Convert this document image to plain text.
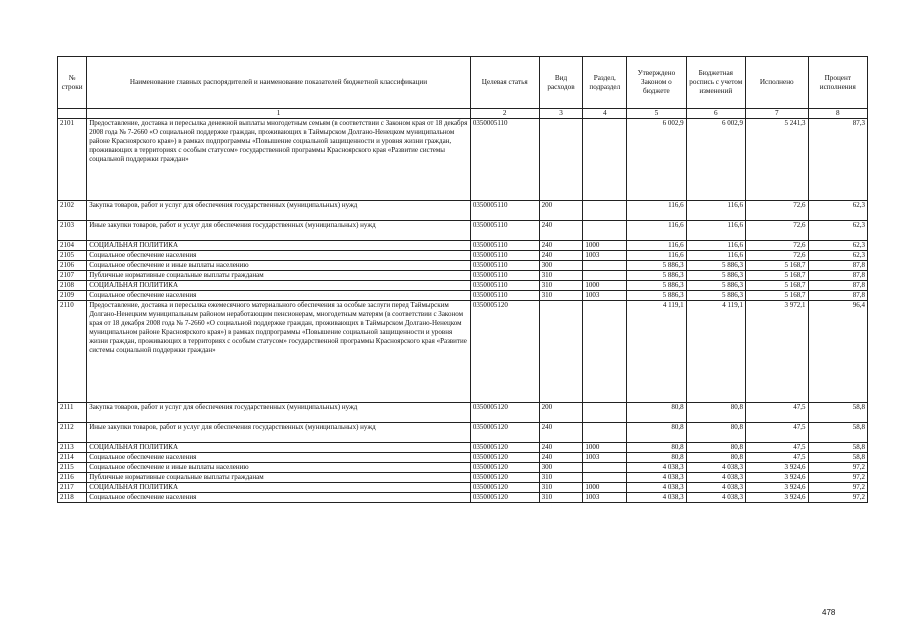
№ строки	Наименование главных распорядителей и наименование показателей бюджетной классификации	Целевая статья	Вид расходов	Раздел, подраздел	Утверждено Законом о бюджете	Бюджетная роспись с учетом изменений	Исполнено	Процент исполнения
	1	2	3	4	5	6	7	8
2101	Предоставление, доставка и пересылка денежной выплаты многодетным семьям (в соответствии с Законом края от 18 декабря 2008 года № 7-2660 «О социальной поддержке граждан, проживающих в Таймырском Долгано-Ненецком муниципальном районе Красноярского края») в рамках подпрограммы «Повышение социальной защищенности и уровня жизни граждан, проживающих в территориях с особым статусом» государственной программы Красноярского края «Развитие системы социальной поддержки граждан»	0350005110			6 002,9	6 002,9	5 241,3	87,3
2102	Закупка товаров, работ и услуг для обеспечения государственных (муниципальных) нужд	0350005110	200		116,6	116,6	72,6	62,3
2103	Иные закупки товаров, работ и услуг для обеспечения государственных (муниципальных) нужд	0350005110	240		116,6	116,6	72,6	62,3
2104	СОЦИАЛЬНАЯ ПОЛИТИКА	0350005110	240	1000	116,6	116,6	72,6	62,3
2105	Социальное обеспечение населения	0350005110	240	1003	116,6	116,6	72,6	62,3
2106	Социальное обеспечение и иные выплаты населению	0350005110	300		5 886,3	5 886,3	5 168,7	87,8
2107	Публичные нормативные социальные выплаты гражданам	0350005110	310		5 886,3	5 886,3	5 168,7	87,8
2108	СОЦИАЛЬНАЯ ПОЛИТИКА	0350005110	310	1000	5 886,3	5 886,3	5 168,7	87,8
2109	Социальное обеспечение населения	0350005110	310	1003	5 886,3	5 886,3	5 168,7	87,8
2110	Предоставление, доставка и пересылка ежемесячного материального обеспечения за особые заслуги перед Таймырским Долгано-Ненецким муниципальным районом неработающим пенсионерам, многодетным матерям (в соответствии с Законом края от 18 декабря 2008 года № 7-2660 «О социальной поддержке граждан, проживающих в Таймырском Долгано-Ненецком муниципальном районе Красноярского края») в рамках подпрограммы «Повышение социальной защищенности и уровня жизни граждан, проживающих в территориях с особым статусом» государственной программы Красноярского края «Развитие системы социальной поддержки граждан»	0350005120			4 119,1	4 119,1	3 972,1	96,4
2111	Закупка товаров, работ и услуг для обеспечения государственных (муниципальных) нужд	0350005120	200		80,8	80,8	47,5	58,8
2112	Иные закупки товаров, работ и услуг для обеспечения государственных (муниципальных) нужд	0350005120	240		80,8	80,8	47,5	58,8
2113	СОЦИАЛЬНАЯ ПОЛИТИКА	0350005120	240	1000	80,8	80,8	47,5	58,8
2114	Социальное обеспечение населения	0350005120	240	1003	80,8	80,8	47,5	58,8
2115	Социальное обеспечение и иные выплаты населению	0350005120	300		4 038,3	4 038,3	3 924,6	97,2
2116	Публичные нормативные социальные выплаты гражданам	0350005120	310		4 038,3	4 038,3	3 924,6	97,2
2117	СОЦИАЛЬНАЯ ПОЛИТИКА	0350005120	310	1000	4 038,3	4 038,3	3 924,6	97,2
2118	Социальное обеспечение населения	0350005120	310	1003	4 038,3	4 038,3	3 924,6	97,2
478
